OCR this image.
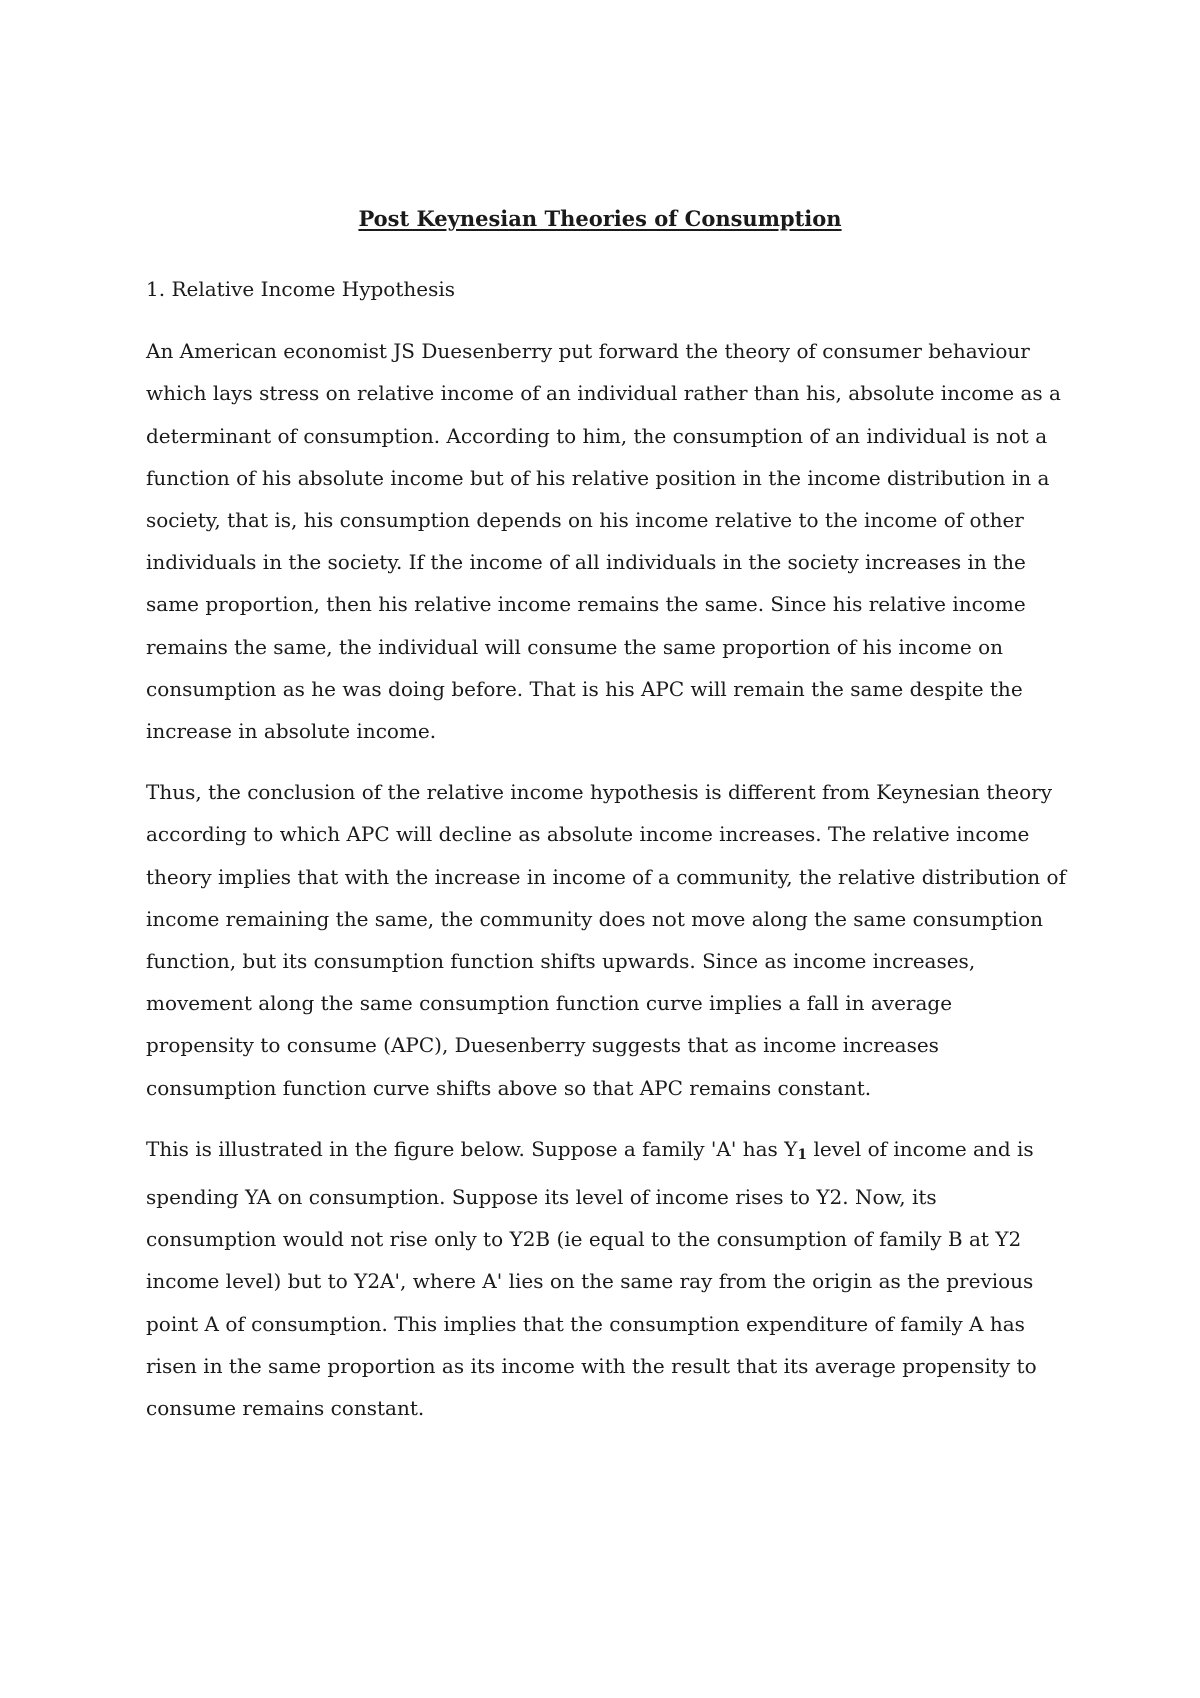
Post Keynesian Theories of Consumption

1. Relative Income Hypothesis

An American economist JS Duesenberry put forward the theory of consumer behaviour which lays stress on relative income of an individual rather than his, absolute income as a determinant of consumption. According to him, the consumption of an individual is not a function of his absolute income but of his relative position in the income distribution in a society, that is, his consumption depends on his income relative to the income of other individuals in the society. If the income of all individuals in the society increases in the same proportion, then his relative income remains the same. Since his relative income remains the same, the individual will consume the same proportion of his income on consumption as he was doing before. That is his APC will remain the same despite the increase in absolute income.

Thus, the conclusion of the relative income hypothesis is different from Keynesian theory according to which APC will decline as absolute income increases. The relative income theory implies that with the increase in income of a community, the relative distribution of income remaining the same, the community does not move along the same consumption function, but its consumption function shifts upwards. Since as income increases, movement along the same consumption function curve implies a fall in average propensity to consume (APC), Duesenberry suggests that as income increases consumption function curve shifts above so that APC remains constant.

This is illustrated in the figure below. Suppose a family 'A' has $Y_1$ level of income and is spending YA on consumption. Suppose its level of income rises to Y2. Now, its consumption would not rise only to Y2B (ie equal to the consumption of family B at Y2 income level) but to Y2A', where A' lies on the same ray from the origin as the previous point A of consumption. This implies that the consumption expenditure of family A has risen in the same proportion as its income with the result that its average propensity to consume remains constant.
